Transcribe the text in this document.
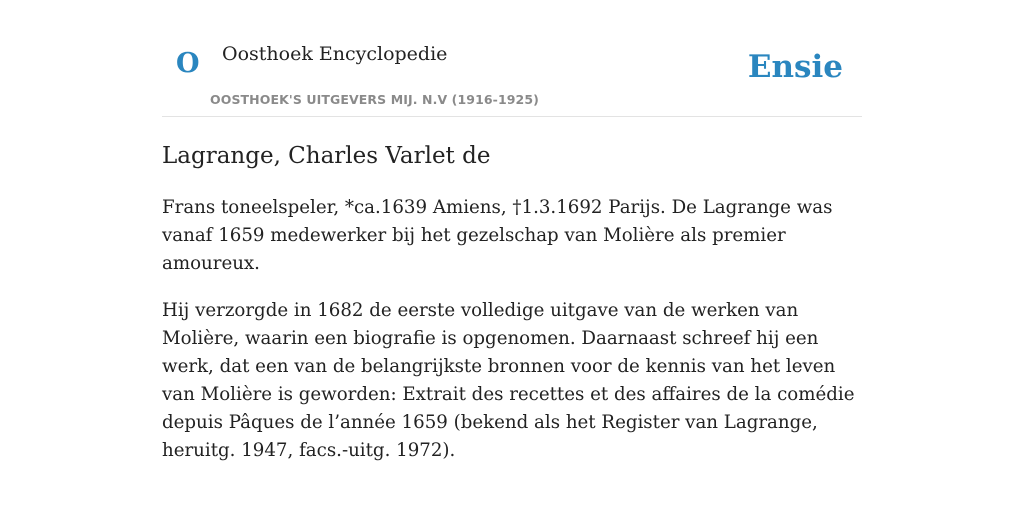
O Oosthoek Encyclopedie
OOSTHOEK'S UITGEVERS MIJ. N.V (1916-1925)
Ensie
Lagrange, Charles Varlet de

Frans toneelspeler, *ca.1639 Amiens, †1.3.1692 Parijs. De Lagrange was vanaf 1659 medewerker bij het gezelschap van Molière als premier amoureux.

Hij verzorgde in 1682 de eerste volledige uitgave van de werken van Molière, waarin een biografie is opgenomen. Daarnaast schreef hij een werk, dat een van de belangrijkste bronnen voor de kennis van het leven van Molière is geworden: Extrait des recettes et des affaires de la comédie depuis Pâques de l’année 1659 (bekend als het Register van Lagrange, heruitg. 1947, facs.-uitg. 1972).
